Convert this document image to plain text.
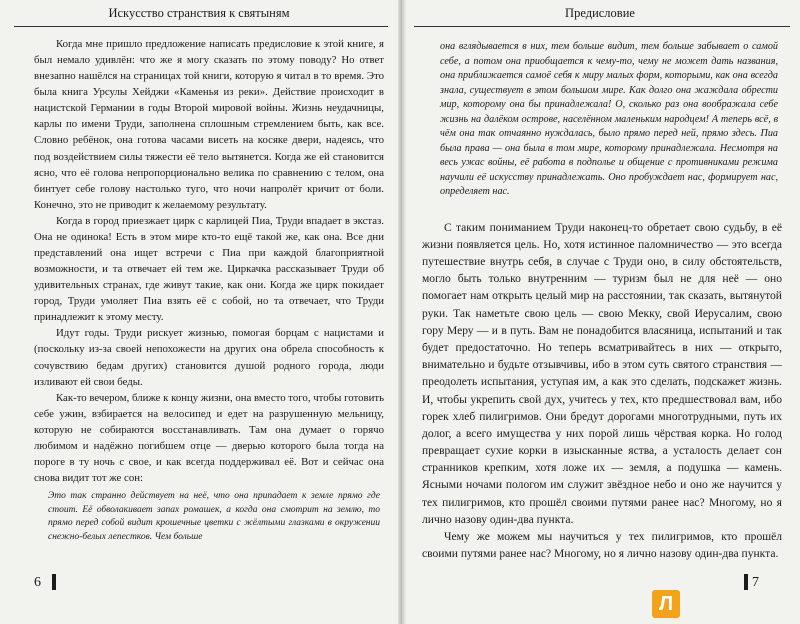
Искусство странствия к святыням

Когда мне пришло предложение написать предисловие к этой книге, я был немало удивлён: что же я могу сказать по этому поводу? Но ответ внезапно нашёлся на страницах той книги, которую я читал в то время. Это была книга Урсулы Хейджи «Каменья из реки». Действие происходит в нацистской Германии в годы Второй мировой войны. Жизнь неудачницы, карлы по имени Труди, заполнена сплошным стремлением быть, как все. Словно ребёнок, она готова часами висеть на косяке двери, надеясь, что под воздействием силы тяжести её тело вытянется. Когда же ей становится ясно, что её голова непропорционально велика по сравнению с телом, она бинтует себе голову настолько туго, что ночи напролёт кричит от боли. Конечно, это не приводит к желаемому результату.

Когда в город приезжает цирк с карлицей Пиа, Труди впадает в экстаз. Она не одинока! Есть в этом мире кто-то ещё такой же, как она. Все дни представлений она ищет встречи с Пиа при каждой благоприятной возможности, и та отвечает ей тем же. Циркачка рассказывает Труди об удивительных странах, где живут такие, как они. Когда же цирк покидает город, Труди умоляет Пиа взять её с собой, но та отвечает, что Труди принадлежит к этому месту.

Идут годы. Труди рискует жизнью, помогая борцам с нацистами и (поскольку из-за своей непохожести на других она обрела способность к сочувствию бедам других) становится душой родного города, люди изливают ей свои беды.

Как-то вечером, ближе к концу жизни, она вместо того, чтобы готовить себе ужин, взбирается на велосипед и едет на разрушенную мельницу, которую не собираются восстанавливать. Там она думает о горячо любимом и надёжно погибшем отце — дверью которого была тогда на пороге в ту ночь с свое, и как всегда поддерживал её. Вот и сейчас она снова видит тот же сон:

Это так странно действует на неё, что она припадает к земле прямо где стоит. Её обволакивает запах ромашек, а когда она смотрит на землю, то прямо перед собой видит крошечные цветки с жёлтыми глазками в окружении снежно-белых лепестков. Чем больше

6
Предисловие

она вглядывается в них, тем больше видит, тем больше забывает о самой себе, а потом она приобщается к чему-то, чему не может дать названия, она приближается самоё себя к миру малых форм, которыми, как она всегда знала, существует в этом большом мире. Как долго она жаждала обрести мир, которому она бы принадлежала! О, сколько раз она воображала себе жизнь на далёком острове, населённом маленьким народцем! А теперь всё, в чём она так отчаянно нуждалась, было прямо перед ней, прямо здесь. Пиа была права — она была в том мире, которому принадлежала. Несмотря на весь ужас войны, её работа в подполье и общение с противниками режима научили её искусству принадлежать. Оно пробуждает нас, формирует нас, определяет нас.

С таким пониманием Труди наконец-то обретает свою судьбу, в её жизни появляется цель. Но, хотя истинное паломничество — это всегда путешествие внутрь себя, в случае с Труди оно, в силу обстоятельств, могло быть только внутренним — туризм был не для неё — оно помогает нам открыть целый мир на расстоянии, так сказать, вытянутой руки. Так наметьте свою цель — свою Мекку, свой Иерусалим, свою гору Меру — и в путь. Вам не понадобится власяница, испытаний и так будет предостаточно. Но теперь всматривайтесь в них — открыто, внимательно и будьте отзывчивы, ибо в этом суть святого странствия — преодолеть испытания, уступая им, а как это сделать, подскажет жизнь. И, чтобы укрепить свой дух, учитесь у тех, кто предшествовал вам, ибо горек хлеб пилигримов. Они бредут дорогами многотрудными, путь их долог, а всего имущества у них порой лишь чёрствая корка. Но голод превращает сухие корки в изысканные яства, а усталость делает сон странников крепким, хотя ложе их — земля, а подушка — камень. Ясными ночами пологом им служит звёздное небо и оно же научится у тех пилигримов, кто прошёл своими путями ранее нас? Многому, но я лично назову один-два пункта.

Чему же можем мы научиться у тех пилигримов, кто прошёл своими путями ранее нас? Многому, но я лично назову один-два пункта.

7
Л
